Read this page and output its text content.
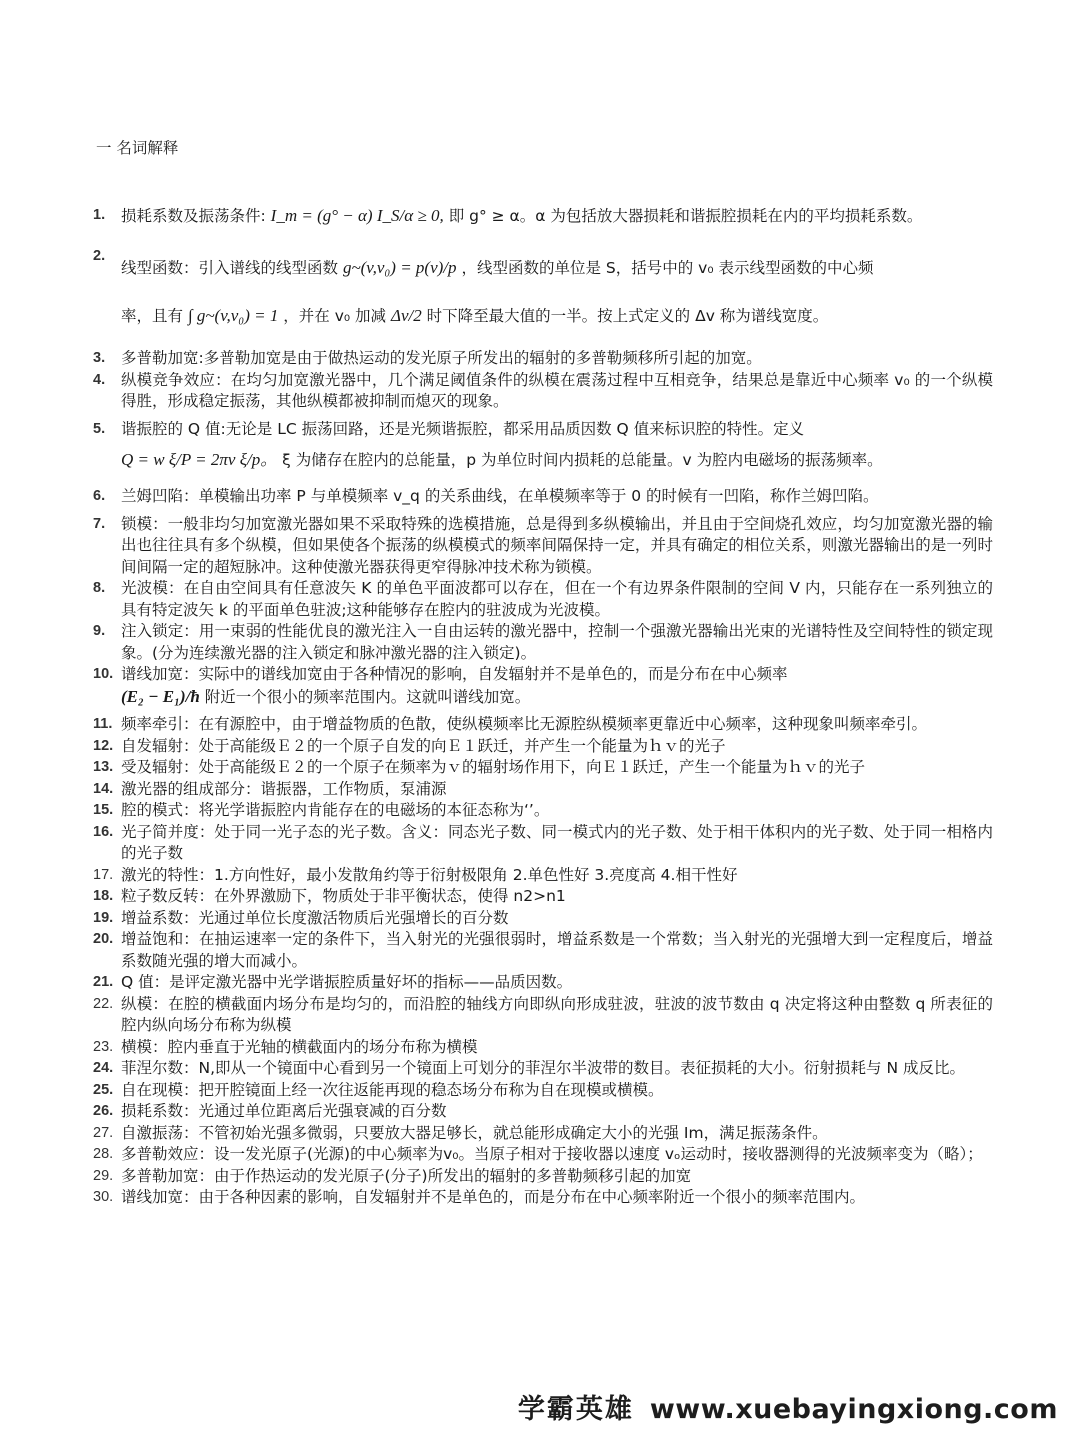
一 名词解释
1.	损耗系数及振荡条件: I_m = (g° − α) I_S/α ≥ 0, 即 g° ≥ α。α 为包括放大器损耗和谐振腔损耗在内的平均损耗系数。
2.
线型函数：引入谱线的线型函数 g~(v,v₀) = p(v)/p ，线型函数的单位是 S，括号中的 v₀ 表示线型函数的中心频
率，且有 ∫ g~(v,v₀) = 1 ，并在 v₀ 加减 Δv/2 时下降至最大值的一半。按上式定义的 Δv 称为谱线宽度。
3.	多普勒加宽:多普勒加宽是由于做热运动的发光原子所发出的辐射的多普勒频移所引起的加宽。
4.	纵模竞争效应：在均匀加宽激光器中，几个满足阈值条件的纵模在震荡过程中互相竞争，结果总是靠近中心频率 v₀ 的一个纵模得胜，形成稳定振荡，其他纵模都被抑制而熄灭的现象。
5.	谐振腔的 Q 值:无论是 LC 振荡回路，还是光频谐振腔，都采用品质因数 Q 值来标识腔的特性。定义
Q = w ξ/P = 2πv ξ/p。 ξ 为储存在腔内的总能量，p 为单位时间内损耗的总能量。v 为腔内电磁场的振荡频率。
6.	兰姆凹陷：单模输出功率 P 与单模频率 v_q 的关系曲线，在单模频率等于 0 的时候有一凹陷，称作兰姆凹陷。
7.	锁模：一般非均匀加宽激光器如果不采取特殊的选模措施，总是得到多纵模输出，并且由于空间烧孔效应，均匀加宽激光器的输出也往往具有多个纵模，但如果使各个振荡的纵模模式的频率间隔保持一定，并具有确定的相位关系，则激光器输出的是一列时间间隔一定的超短脉冲。这种使激光器获得更窄得脉冲技术称为锁模。
8.	光波模：在自由空间具有任意波矢 K 的单色平面波都可以存在，但在一个有边界条件限制的空间 V 内，只能存在一系列独立的具有特定波矢 k 的平面单色驻波;这种能够存在腔内的驻波成为光波模。
9.	注入锁定：用一束弱的性能优良的激光注入一自由运转的激光器中，控制一个强激光器输出光束的光谱特性及空间特性的锁定现象。(分为连续激光器的注入锁定和脉冲激光器的注入锁定)。
10. 谱线加宽：实际中的谱线加宽由于各种情况的影响，自发辐射并不是单色的，而是分布在中心频率
(E₂ − E₁)/ħ 附近一个很小的频率范围内。这就叫谱线加宽。
11. 频率牵引：在有源腔中，由于增益物质的色散，使纵模频率比无源腔纵模频率更靠近中心频率，这种现象叫频率牵引。
12. 自发辐射：处于高能级Ｅ２的一个原子自发的向Ｅ１跃迁，并产生一个能量为ｈｖ的光子
13. 受及辐射：处于高能级Ｅ２的一个原子在频率为ｖ的辐射场作用下，向Ｅ１跃迁，产生一个能量为ｈｖ的光子
14. 激光器的组成部分：谐振器，工作物质，泵浦源
15. 腔的模式：将光学谐振腔内肯能存在的电磁场的本征态称为‘’。
16. 光子简并度：处于同一光子态的光子数。含义：同态光子数、同一模式内的光子数、处于相干体积内的光子数、处于同一相格内的光子数
17. 激光的特性：1.方向性好，最小发散角约等于衍射极限角 2.单色性好 3.亮度高 4.相干性好
18. 粒子数反转：在外界激励下，物质处于非平衡状态，使得 n2>n1
19. 增益系数：光通过单位长度激活物质后光强增长的百分数
20. 增益饱和：在抽运速率一定的条件下，当入射光的光强很弱时，增益系数是一个常数；当入射光的光强增大到一定程度后，增益系数随光强的增大而减小。
21. Q 值：是评定激光器中光学谐振腔质量好坏的指标——品质因数。
22. 纵模：在腔的横截面内场分布是均匀的，而沿腔的轴线方向即纵向形成驻波，驻波的波节数由 q 决定将这种由整数 q 所表征的腔内纵向场分布称为纵模
23. 横模：腔内垂直于光轴的横截面内的场分布称为横模
24. 菲涅尔数：N,即从一个镜面中心看到另一个镜面上可划分的菲涅尔半波带的数目。表征损耗的大小。衍射损耗与 N 成反比。
25. 自在现模：把开腔镜面上经一次往返能再现的稳态场分布称为自在现模或横模。
26. 损耗系数：光通过单位距离后光强衰减的百分数
27. 自激振荡：不管初始光强多微弱，只要放大器足够长，就总能形成确定大小的光强 Im，满足振荡条件。
28. 多普勒效应：设一发光原子(光源)的中心频率为v₀。当原子相对于接收器以速度 vₒ运动时，接收器测得的光波频率变为（略）；
29. 多普勒加宽：由于作热运动的发光原子(分子)所发出的辐射的多普勒频移引起的加宽
30. 谱线加宽：由于各种因素的影响，自发辐射并不是单色的，而是分布在中心频率附近一个很小的频率范围内。
学霸英雄 www.xuebayingxiong.com
